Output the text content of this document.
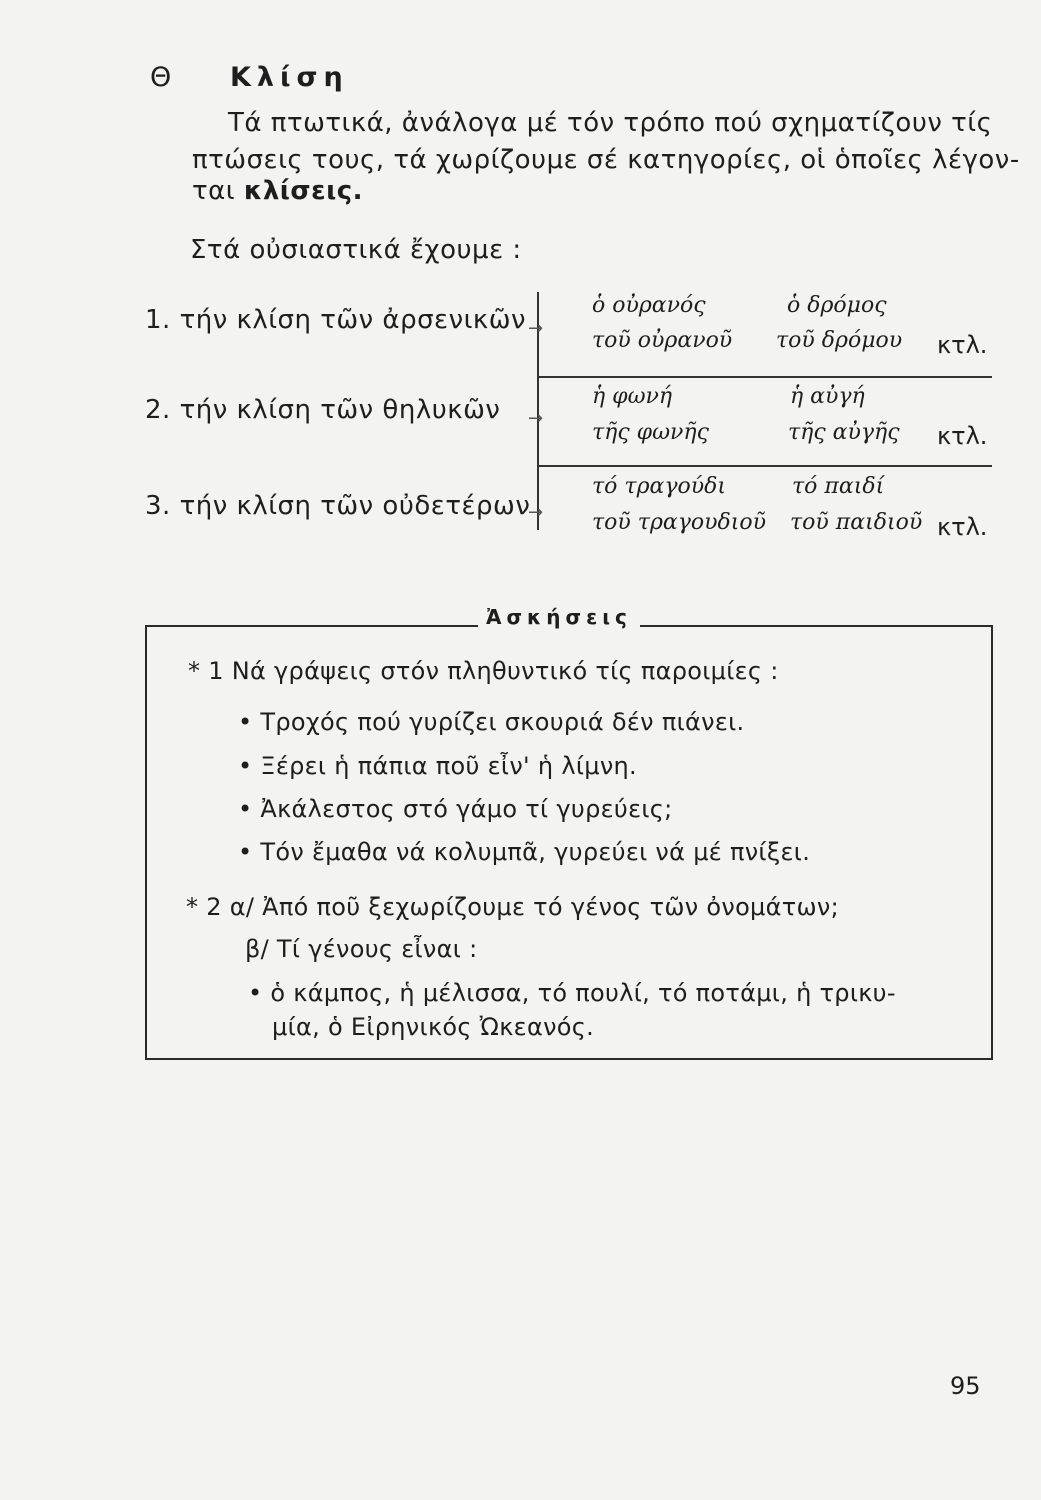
Θ Κλίση
Τά πτωτικά, ἀνάλογα μέ τόν τρόπο πού σχηματίζουν τίς
πτώσεις τους, τά χωρίζουμε σέ κατηγορίες, οἱ ὁποῖες λέγον-
ται κλίσεις.
Στά οὐσιαστικά ἔχουμε :
1. τήν κλίση τῶν ἀρσενικῶν →
ὁ οὐρανός
τοῦ οὐρανοῦ
ὁ δρόμος
τοῦ δρόμου κτλ.
2. τήν κλίση τῶν θηλυκῶν →
ἡ φωνή
τῆς φωνῆς
ἡ αὐγή
τῆς αὐγῆς κτλ.
3. τήν κλίση τῶν οὐδετέρων
→
τό τραγούδι
τοῦ τραγουδιοῦ
τό παιδί
τοῦ παιδιοῦ κτλ.
Ἀσκήσεις
* 1 Νά γράψεις στόν πληθυντικό τίς παροιμίες :
• Τροχός πού γυρίζει σκουριά δέν πιάνει.
• Ξέρει ἡ πάπια ποῦ εἶν' ἡ λίμνη.
• Ἀκάλεστος στό γάμο τί γυρεύεις;
• Τόν ἔμαθα νά κολυμπᾶ, γυρεύει νά μέ πνίξει.
* 2 α/ Ἀπό ποῦ ξεχωρίζουμε τό γένος τῶν ὀνομάτων;
β/ Τί γένους εἶναι :
• ὁ κάμπος, ἡ μέλισσα, τό πουλί, τό ποτάμι, ἡ τρικυ-
μία, ὁ Εἰρηνικός Ὠκεανός.
95
